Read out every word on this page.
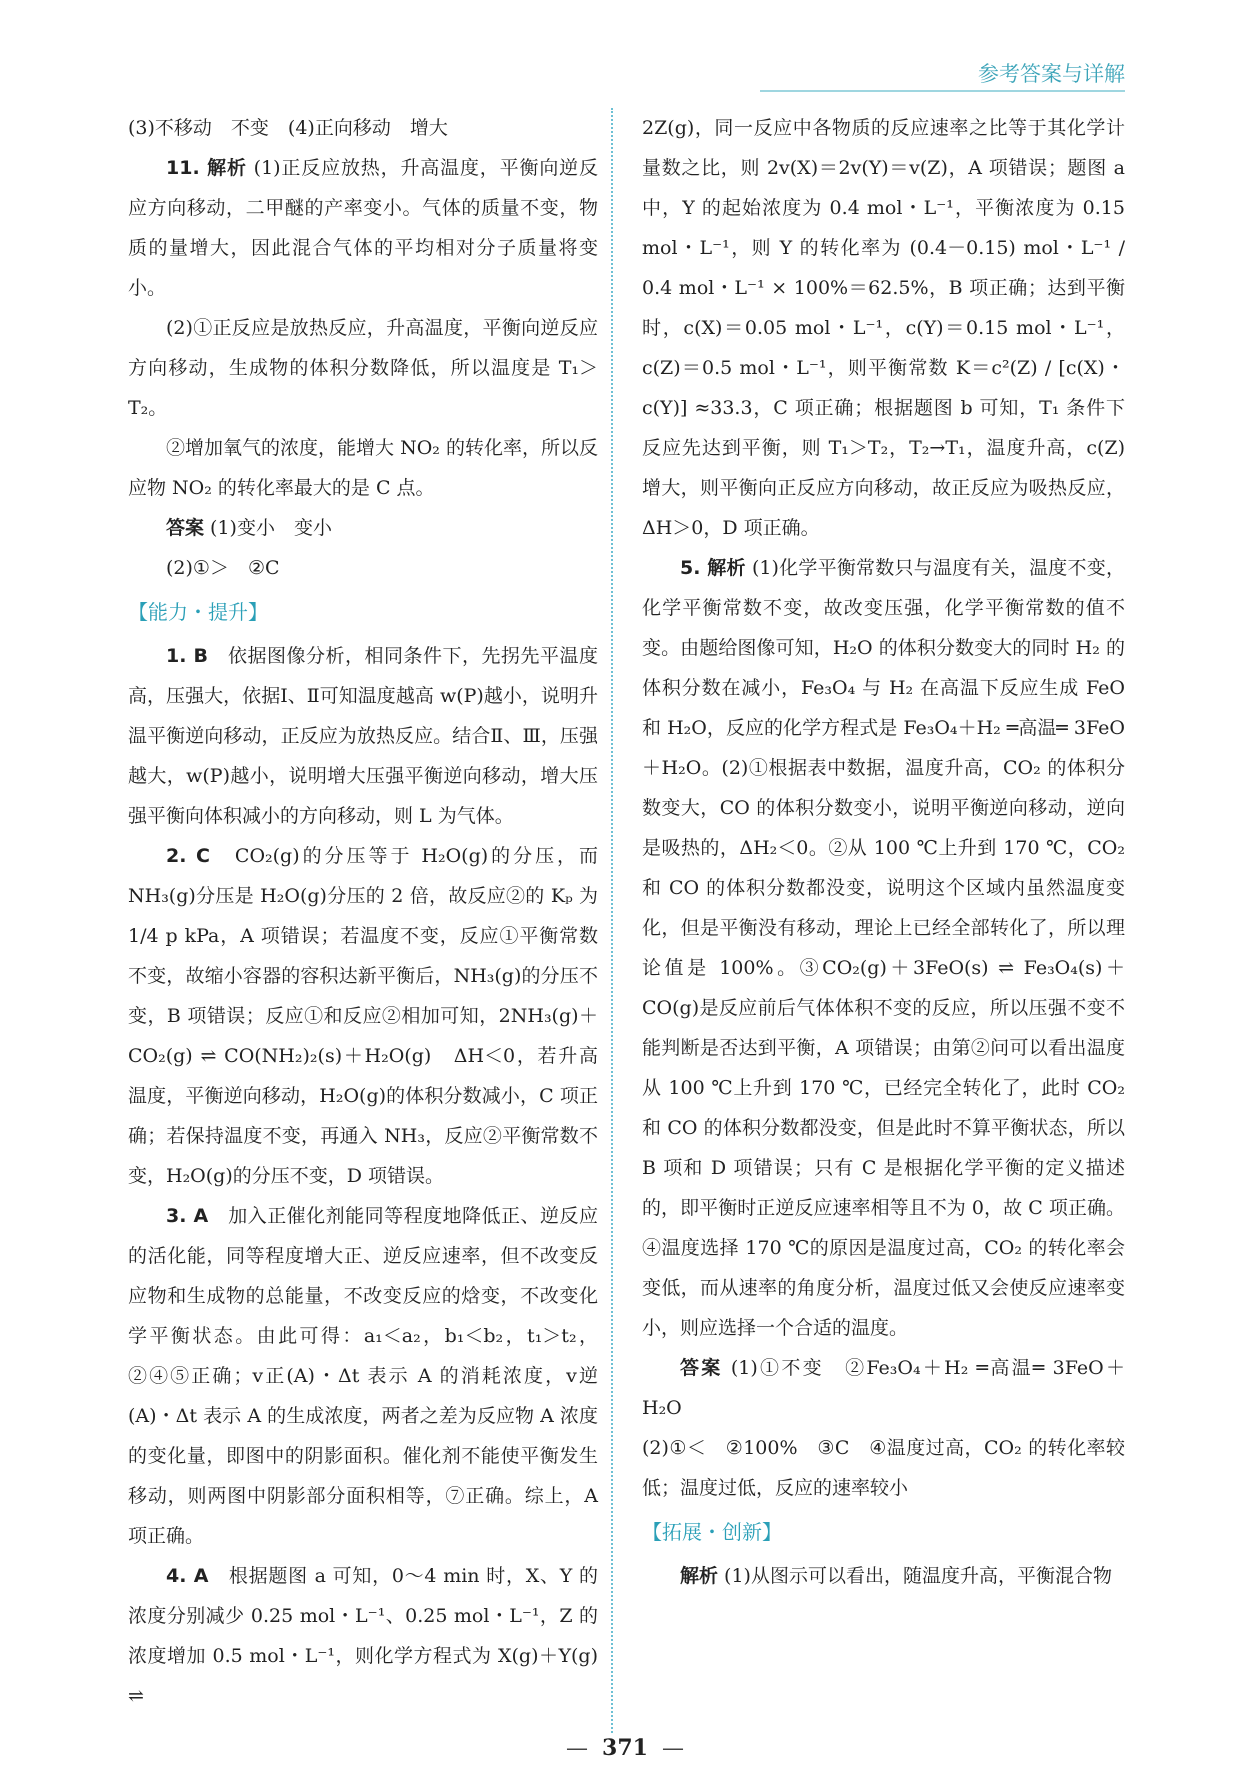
参考答案与详解

(3)不移动　不变　(4)正向移动　增大

11. 解析 (1)正反应放热，升高温度，平衡向逆反应方向移动，二甲醚的产率变小。气体的质量不变，物质的量增大，因此混合气体的平均相对分子质量将变小。

(2)①正反应是放热反应，升高温度，平衡向逆反应方向移动，生成物的体积分数降低，所以温度是 T₁＞T₂。

②增加氧气的浓度，能增大 NO₂ 的转化率，所以反应物 NO₂ 的转化率最大的是 C 点。

答案 (1)变小　变小

(2)①＞　②C

【能力・提升】

1. B　依据图像分析，相同条件下，先拐先平温度高，压强大，依据Ⅰ、Ⅱ可知温度越高 w(P)越小，说明升温平衡逆向移动，正反应为放热反应。结合Ⅱ、Ⅲ，压强越大，w(P)越小，说明增大压强平衡逆向移动，增大压强平衡向体积减小的方向移动，则 L 为气体。

2. C　CO₂(g)的分压等于 H₂O(g)的分压，而 NH₃(g)分压是 H₂O(g)分压的 2 倍，故反应②的 Kₚ 为 1/4 p kPa，A 项错误；若温度不变，反应①平衡常数不变，故缩小容器的容积达新平衡后，NH₃(g)的分压不变，B 项错误；反应①和反应②相加可知，2NH₃(g)＋CO₂(g) ⇌ CO(NH₂)₂(s)＋H₂O(g)　ΔH＜0，若升高温度，平衡逆向移动，H₂O(g)的体积分数减小，C 项正确；若保持温度不变，再通入 NH₃，反应②平衡常数不变，H₂O(g)的分压不变，D 项错误。

3. A　加入正催化剂能同等程度地降低正、逆反应的活化能，同等程度增大正、逆反应速率，但不改变反应物和生成物的总能量，不改变反应的焓变，不改变化学平衡状态。由此可得：a₁＜a₂，b₁＜b₂，t₁＞t₂，②④⑤正确；v正(A)・Δt 表示 A 的消耗浓度，v逆(A)・Δt 表示 A 的生成浓度，两者之差为反应物 A 浓度的变化量，即图中的阴影面积。催化剂不能使平衡发生移动，则两图中阴影部分面积相等，⑦正确。综上，A 项正确。

4. A　根据题图 a 可知，0～4 min 时，X、Y 的浓度分别减少 0.25 mol・L⁻¹、0.25 mol・L⁻¹，Z 的浓度增加 0.5 mol・L⁻¹，则化学方程式为 X(g)＋Y(g) ⇌

2Z(g)，同一反应中各物质的反应速率之比等于其化学计量数之比，则 2v(X)＝2v(Y)＝v(Z)，A 项错误；题图 a 中，Y 的起始浓度为 0.4 mol・L⁻¹，平衡浓度为 0.15 mol・L⁻¹，则 Y 的转化率为 (0.4－0.15) mol・L⁻¹ / 0.4 mol・L⁻¹ × 100%＝62.5%，B 项正确；达到平衡时，c(X)＝0.05 mol・L⁻¹，c(Y)＝0.15 mol・L⁻¹，c(Z)＝0.5 mol・L⁻¹，则平衡常数 K＝c²(Z) / [c(X)・c(Y)] ≈33.3，C 项正确；根据题图 b 可知，T₁ 条件下反应先达到平衡，则 T₁＞T₂，T₂→T₁，温度升高，c(Z)增大，则平衡向正反应方向移动，故正反应为吸热反应，ΔH＞0，D 项正确。

5. 解析 (1)化学平衡常数只与温度有关，温度不变，化学平衡常数不变，故改变压强，化学平衡常数的值不变。由题给图像可知，H₂O 的体积分数变大的同时 H₂ 的体积分数在减小，Fe₃O₄ 与 H₂ 在高温下反应生成 FeO 和 H₂O，反应的化学方程式是 Fe₃O₄＋H₂ ═高温═ 3FeO＋H₂O。(2)①根据表中数据，温度升高，CO₂ 的体积分数变大，CO 的体积分数变小，说明平衡逆向移动，逆向是吸热的，ΔH₂＜0。②从 100 ℃上升到 170 ℃，CO₂ 和 CO 的体积分数都没变，说明这个区域内虽然温度变化，但是平衡没有移动，理论上已经全部转化了，所以理论值是 100%。③CO₂(g)＋3FeO(s) ⇌ Fe₃O₄(s)＋CO(g)是反应前后气体体积不变的反应，所以压强不变不能判断是否达到平衡，A 项错误；由第②问可以看出温度从 100 ℃上升到 170 ℃，已经完全转化了，此时 CO₂ 和 CO 的体积分数都没变，但是此时不算平衡状态，所以 B 项和 D 项错误；只有 C 是根据化学平衡的定义描述的，即平衡时正逆反应速率相等且不为 0，故 C 项正确。④温度选择 170 ℃的原因是温度过高，CO₂ 的转化率会变低，而从速率的角度分析，温度过低又会使反应速率变小，则应选择一个合适的温度。

答案 (1)①不变　②Fe₃O₄＋H₂ ═高温═ 3FeO＋H₂O

(2)①＜　②100%　③C　④温度过高，CO₂ 的转化率较低；温度过低，反应的速率较小

【拓展・创新】

解析 (1)从图示可以看出，随温度升高，平衡混合物

— 371 —
